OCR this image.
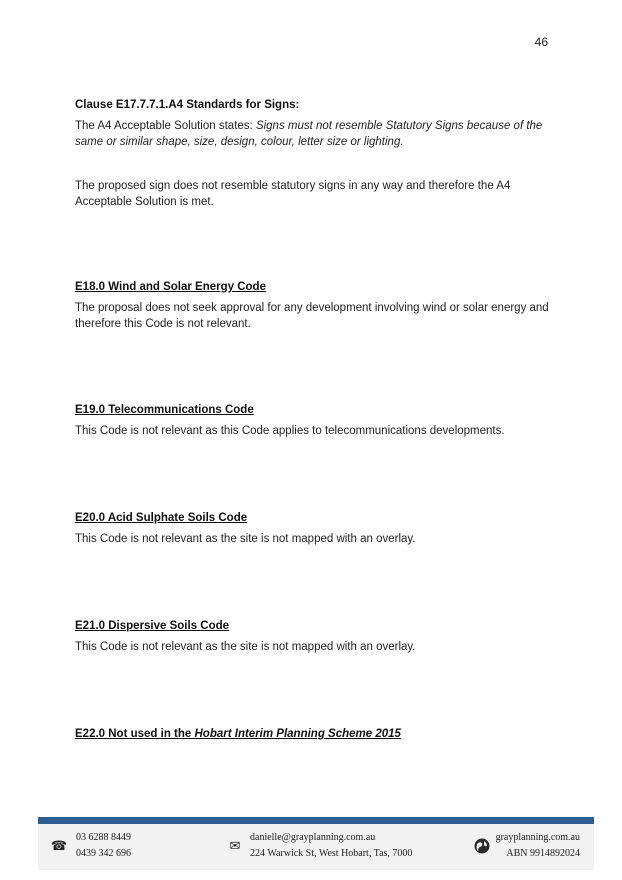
46

Clause E17.7.7.1.A4 Standards for Signs:

The A4 Acceptable Solution states: Signs must not resemble Statutory Signs because of the same or similar shape, size, design, colour, letter size or lighting.

The proposed sign does not resemble statutory signs in any way and therefore the A4 Acceptable Solution is met.

E18.0 Wind and Solar Energy Code

The proposal does not seek approval for any development involving wind or solar energy and therefore this Code is not relevant.

E19.0 Telecommunications Code

This Code is not relevant as this Code applies to telecommunications developments.

E20.0 Acid Sulphate Soils Code

This Code is not relevant as the site is not mapped with an overlay.

E21.0 Dispersive Soils Code

This Code is not relevant as the site is not mapped with an overlay.

E22.0 Not used in the Hobart Interim Planning Scheme 2015

☎
03 6288 8449
0439 342 696
✉
danielle@grayplanning.com.au
224 Warwick St, West Hobart, Tas, 7000
grayplanning.com.au
ABN 9914892024
